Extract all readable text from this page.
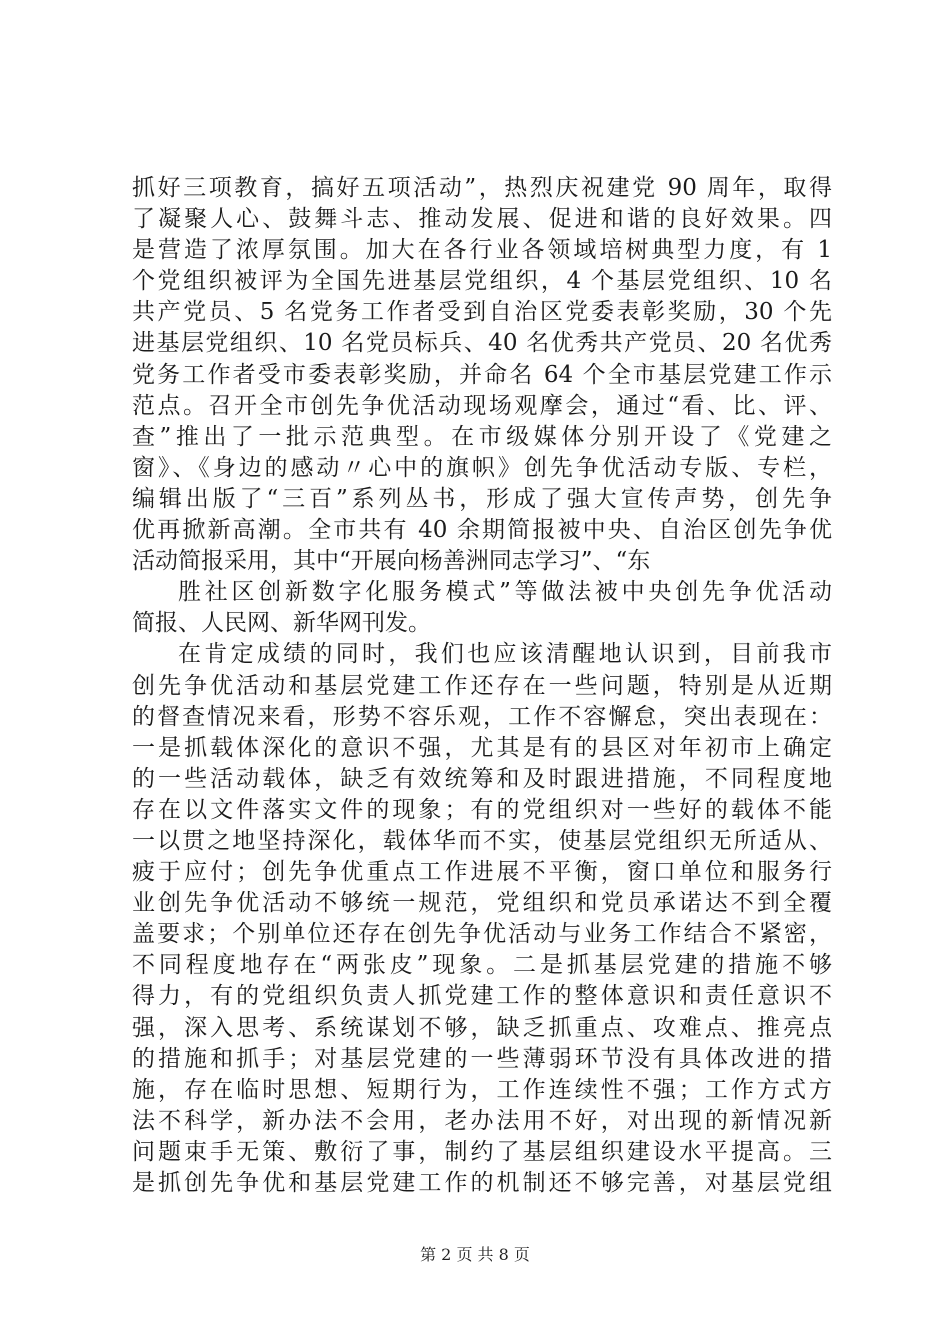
抓好三项教育，搞好五项活动”，热烈庆祝建党 90 周年，取得
了凝聚人心、鼓舞斗志、推动发展、促进和谐的良好效果。四
是营造了浓厚氛围。加大在各行业各领域培树典型力度，有 1
个党组织被评为全国先进基层党组织，4 个基层党组织、10 名
共产党员、5 名党务工作者受到自治区党委表彰奖励，30 个先
进基层党组织、10 名党员标兵、40 名优秀共产党员、20 名优秀
党务工作者受市委表彰奖励，并命名 64 个全市基层党建工作示
范点。召开全市创先争优活动现场观摩会，通过“看、比、评、
查”推出了一批示范典型。在市级媒体分别开设了《党建之
窗》、《身边的感动〃心中的旗帜》创先争优活动专版、专栏，
编辑出版了“三百”系列丛书，形成了强大宣传声势，创先争
优再掀新高潮。全市共有 40 余期简报被中央、自治区创先争优
活动简报采用，其中“开展向杨善洲同志学习”、“东
胜社区创新数字化服务模式”等做法被中央创先争优活动
简报、人民网、新华网刊发。
在肯定成绩的同时，我们也应该清醒地认识到，目前我市
创先争优活动和基层党建工作还存在一些问题，特别是从近期
的督查情况来看，形势不容乐观，工作不容懈怠，突出表现在：
一是抓载体深化的意识不强，尤其是有的县区对年初市上确定
的一些活动载体，缺乏有效统筹和及时跟进措施，不同程度地
存在以文件落实文件的现象；有的党组织对一些好的载体不能
一以贯之地坚持深化，载体华而不实，使基层党组织无所适从、
疲于应付；创先争优重点工作进展不平衡，窗口单位和服务行
业创先争优活动不够统一规范，党组织和党员承诺达不到全覆
盖要求；个别单位还存在创先争优活动与业务工作结合不紧密，
不同程度地存在“两张皮”现象。二是抓基层党建的措施不够
得力，有的党组织负责人抓党建工作的整体意识和责任意识不
强，深入思考、系统谋划不够，缺乏抓重点、攻难点、推亮点
的措施和抓手；对基层党建的一些薄弱环节没有具体改进的措
施，存在临时思想、短期行为，工作连续性不强；工作方式方
法不科学，新办法不会用，老办法用不好，对出现的新情况新
问题束手无策、敷衍了事，制约了基层组织建设水平提高。三
是抓创先争优和基层党建工作的机制还不够完善，对基层党组
第 2 页 共 8 页
